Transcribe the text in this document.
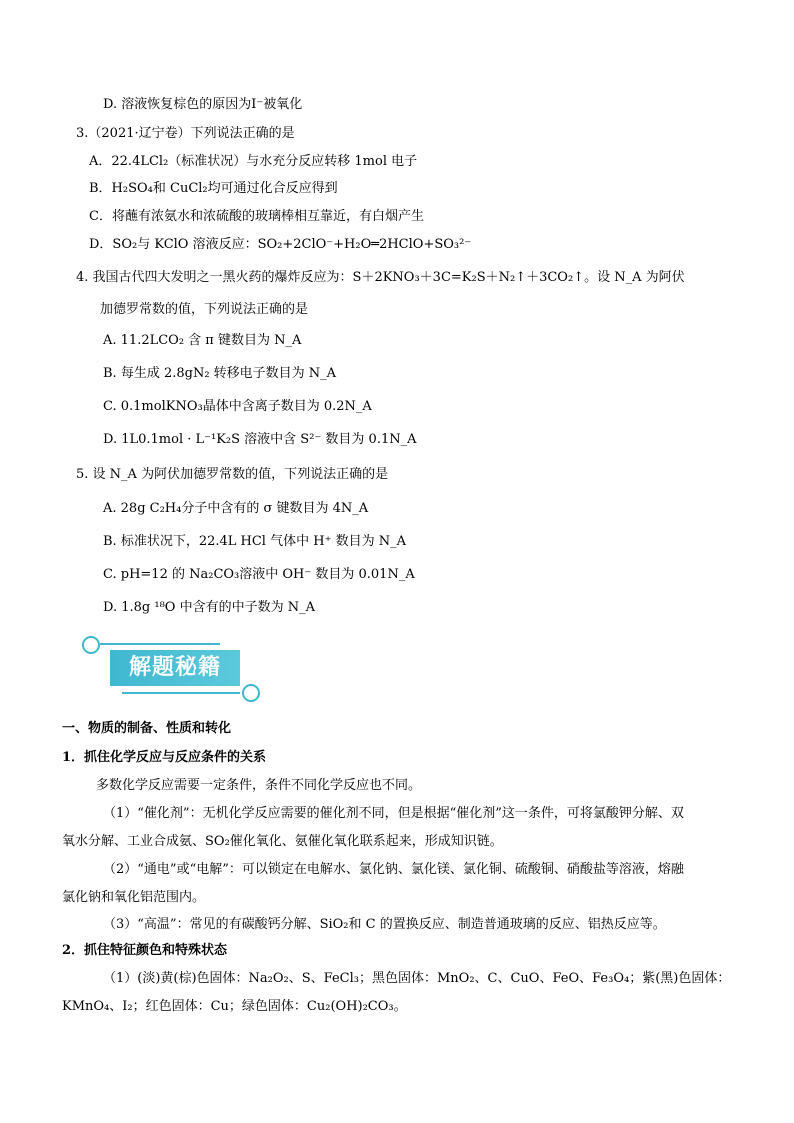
D. 溶液恢复棕色的原因为I⁻被氧化
3.（2021·辽宁卷）下列说法正确的是
A．22.4LCl₂（标准状况）与水充分反应转移 1mol 电子
B．H₂SO₄和 CuCl₂均可通过化合反应得到
C．将蘸有浓氨水和浓硫酸的玻璃棒相互靠近，有白烟产生
D．SO₂与 KClO 溶液反应：SO₂+2ClO⁻+H₂O═2HClO+SO₃²⁻
4. 我国古代四大发明之一黑火药的爆炸反应为：S＋2KNO₃＋3C=K₂S＋N₂↑＋3CO₂↑。设 N_A 为阿伏
加德罗常数的值，下列说法正确的是
A. 11.2LCO₂ 含 π 键数目为 N_A
B. 每生成 2.8gN₂ 转移电子数目为 N_A
C. 0.1molKNO₃晶体中含离子数目为 0.2N_A
D. 1L0.1mol · L⁻¹K₂S 溶液中含 S²⁻ 数目为 0.1N_A
5. 设 N_A 为阿伏加德罗常数的值，下列说法正确的是
A. 28g C₂H₄分子中含有的 σ 键数目为 4N_A
B. 标准状况下，22.4L HCl 气体中 H⁺ 数目为 N_A
C. pH=12 的 Na₂CO₃溶液中 OH⁻ 数目为 0.01N_A
D. 1.8g ¹⁸O 中含有的中子数为 N_A
解题秘籍
一、物质的制备、性质和转化
1．抓住化学反应与反应条件的关系
多数化学反应需要一定条件，条件不同化学反应也不同。
（1）“催化剂”：无机化学反应需要的催化剂不同，但是根据“催化剂”这一条件，可将氯酸钾分解、双
氧水分解、工业合成氨、SO₂催化氧化、氨催化氧化联系起来，形成知识链。
（2）“通电”或“电解”：可以锁定在电解水、氯化钠、氯化镁、氯化铜、硫酸铜、硝酸盐等溶液，熔融
氯化钠和氧化铝范围内。
（3）“高温”：常见的有碳酸钙分解、SiO₂和 C 的置换反应、制造普通玻璃的反应、铝热反应等。
2．抓住特征颜色和特殊状态
（1）(淡)黄(棕)色固体：Na₂O₂、S、FeCl₃；黑色固体：MnO₂、C、CuO、FeO、Fe₃O₄；紫(黑)色固体：
KMnO₄、I₂；红色固体：Cu；绿色固体：Cu₂(OH)₂CO₃。
